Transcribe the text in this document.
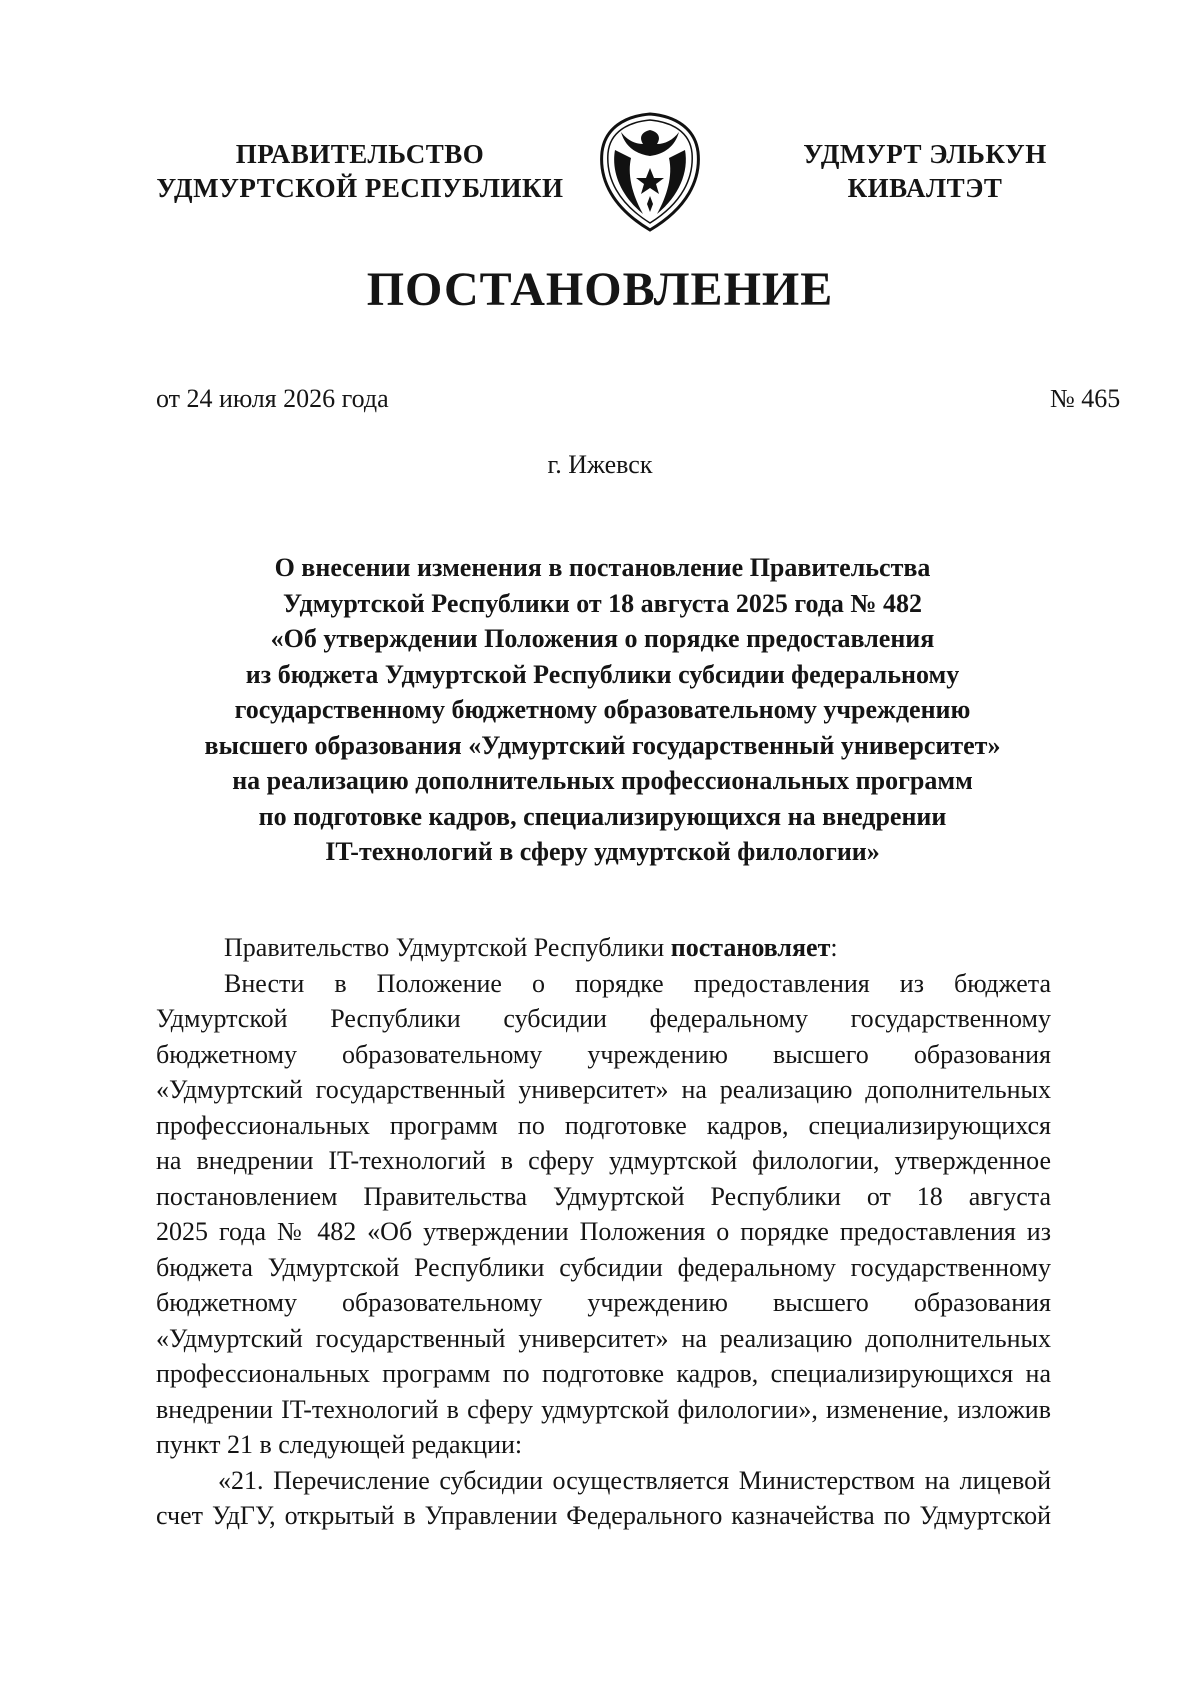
ПРАВИТЕЛЬСТВО
УДМУРТСКОЙ РЕСПУБЛИКИ
УДМУРТ ЭЛЬКУН
КИВАЛТЭТ
ПОСТАНОВЛЕНИЕ
от 24 июля 2026 года	№ 465
г. Ижевск
О внесении изменения в постановление Правительства
Удмуртской Республики от 18 августа 2025 года № 482
«Об утверждении Положения о порядке предоставления
из бюджета Удмуртской Республики субсидии федеральному
государственному бюджетному образовательному учреждению
высшего образования «Удмуртский государственный университет»
на реализацию дополнительных профессиональных программ
по подготовке кадров, специализирующихся на внедрении
IT-технологий в сферу удмуртской филологии»
Правительство Удмуртской Республики постановляет:
Внести в Положение о порядке предоставления из бюджета
Удмуртской Республики субсидии федеральному государственному
бюджетному образовательному учреждению высшего образования
«Удмуртский государственный университет» на реализацию дополнительных
профессиональных программ по подготовке кадров, специализирующихся
на внедрении IT-технологий в сферу удмуртской филологии, утвержденное
постановлением Правительства Удмуртской Республики от 18 августа
2025 года № 482 «Об утверждении Положения о порядке предоставления из
бюджета Удмуртской Республики субсидии федеральному государственному
бюджетному образовательному учреждению высшего образования
«Удмуртский государственный университет» на реализацию дополнительных
профессиональных программ по подготовке кадров, специализирующихся на
внедрении IT-технологий в сферу удмуртской филологии», изменение, изложив
пункт 21 в следующей редакции:
«21. Перечисление субсидии осуществляется Министерством на лицевой
счет УдГУ, открытый в Управлении Федерального казначейства по Удмуртской
